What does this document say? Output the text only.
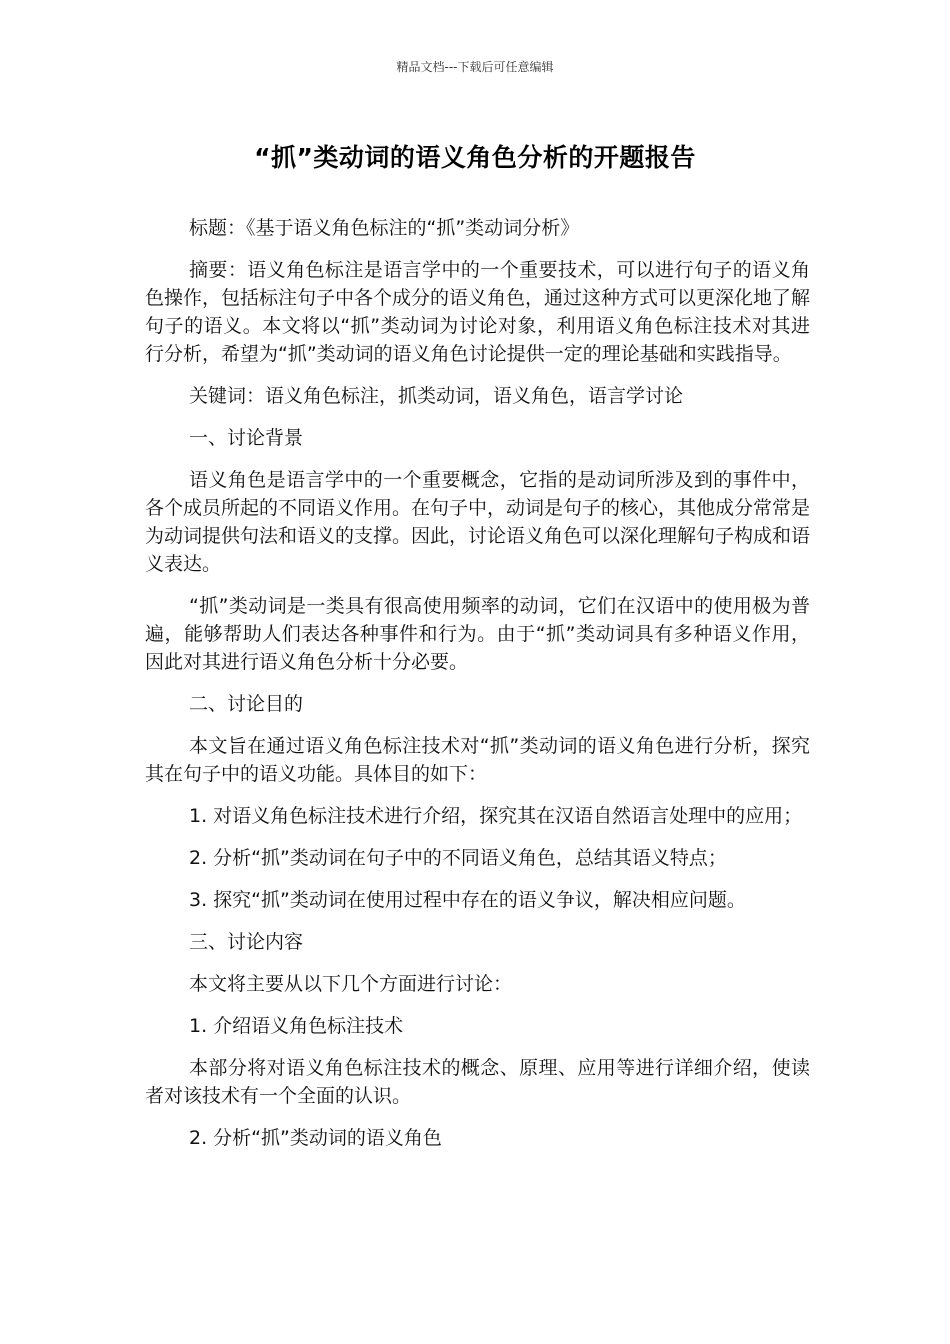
精品文档---下载后可任意编辑
“抓”类动词的语义角色分析的开题报告

标题：《基于语义角色标注的“抓”类动词分析》

摘要：语义角色标注是语言学中的一个重要技术，可以进行句子的语义角色操作，包括标注句子中各个成分的语义角色，通过这种方式可以更深化地了解句子的语义。本文将以“抓”类动词为讨论对象，利用语义角色标注技术对其进行分析，希望为“抓”类动词的语义角色讨论提供一定的理论基础和实践指导。

关键词：语义角色标注，抓类动词，语义角色，语言学讨论

一、讨论背景

语义角色是语言学中的一个重要概念，它指的是动词所涉及到的事件中，各个成员所起的不同语义作用。在句子中，动词是句子的核心，其他成分常常是为动词提供句法和语义的支撑。因此，讨论语义角色可以深化理解句子构成和语义表达。

“抓”类动词是一类具有很高使用频率的动词，它们在汉语中的使用极为普遍，能够帮助人们表达各种事件和行为。由于“抓”类动词具有多种语义作用，因此对其进行语义角色分析十分必要。

二、讨论目的

本文旨在通过语义角色标注技术对“抓”类动词的语义角色进行分析，探究其在句子中的语义功能。具体目的如下：

1. 对语义角色标注技术进行介绍，探究其在汉语自然语言处理中的应用；

2. 分析“抓”类动词在句子中的不同语义角色，总结其语义特点；

3. 探究“抓”类动词在使用过程中存在的语义争议，解决相应问题。

三、讨论内容

本文将主要从以下几个方面进行讨论：

1. 介绍语义角色标注技术

本部分将对语义角色标注技术的概念、原理、应用等进行详细介绍，使读者对该技术有一个全面的认识。

2. 分析“抓”类动词的语义角色
